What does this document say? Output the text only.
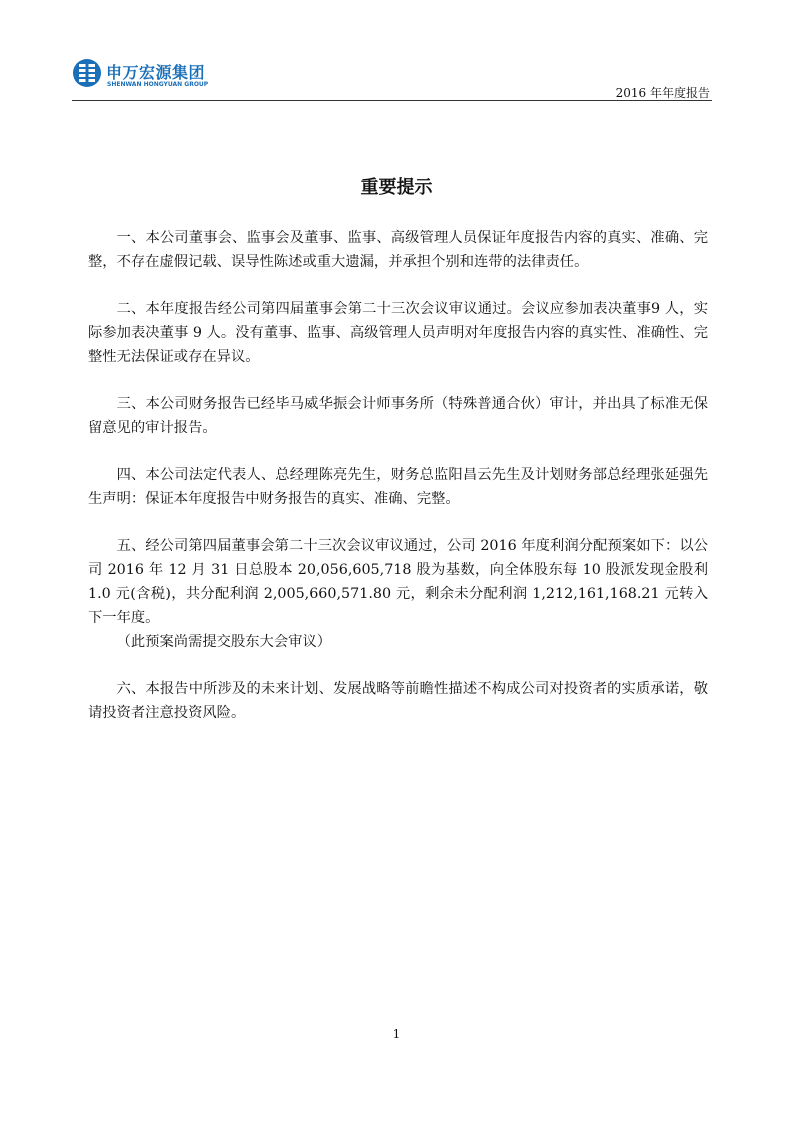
申万宏源集团
SHENWAN HONGYUAN GROUP
2016 年年度报告
重要提示

一、本公司董事会、监事会及董事、监事、高级管理人员保证年度报告内容的真实、准确、完整，不存在虚假记载、误导性陈述或重大遗漏，并承担个别和连带的法律责任。

二、本年度报告经公司第四届董事会第二十三次会议审议通过。会议应参加表决董事9 人，实际参加表决董事 9 人。没有董事、监事、高级管理人员声明对年度报告内容的真实性、准确性、完整性无法保证或存在异议。

三、本公司财务报告已经毕马威华振会计师事务所（特殊普通合伙）审计，并出具了标准无保留意见的审计报告。

四、本公司法定代表人、总经理陈亮先生，财务总监阳昌云先生及计划财务部总经理张延强先生声明：保证本年度报告中财务报告的真实、准确、完整。

五、经公司第四届董事会第二十三次会议审议通过，公司 2016 年度利润分配预案如下：以公司 2016 年 12 月 31 日总股本 20,056,605,718 股为基数，向全体股东每 10 股派发现金股利 1.0 元(含税)，共分配利润 2,005,660,571.80 元，剩余未分配利润 1,212,161,168.21 元转入下一年度。
（此预案尚需提交股东大会审议）

六、本报告中所涉及的未来计划、发展战略等前瞻性描述不构成公司对投资者的实质承诺，敬请投资者注意投资风险。

1
